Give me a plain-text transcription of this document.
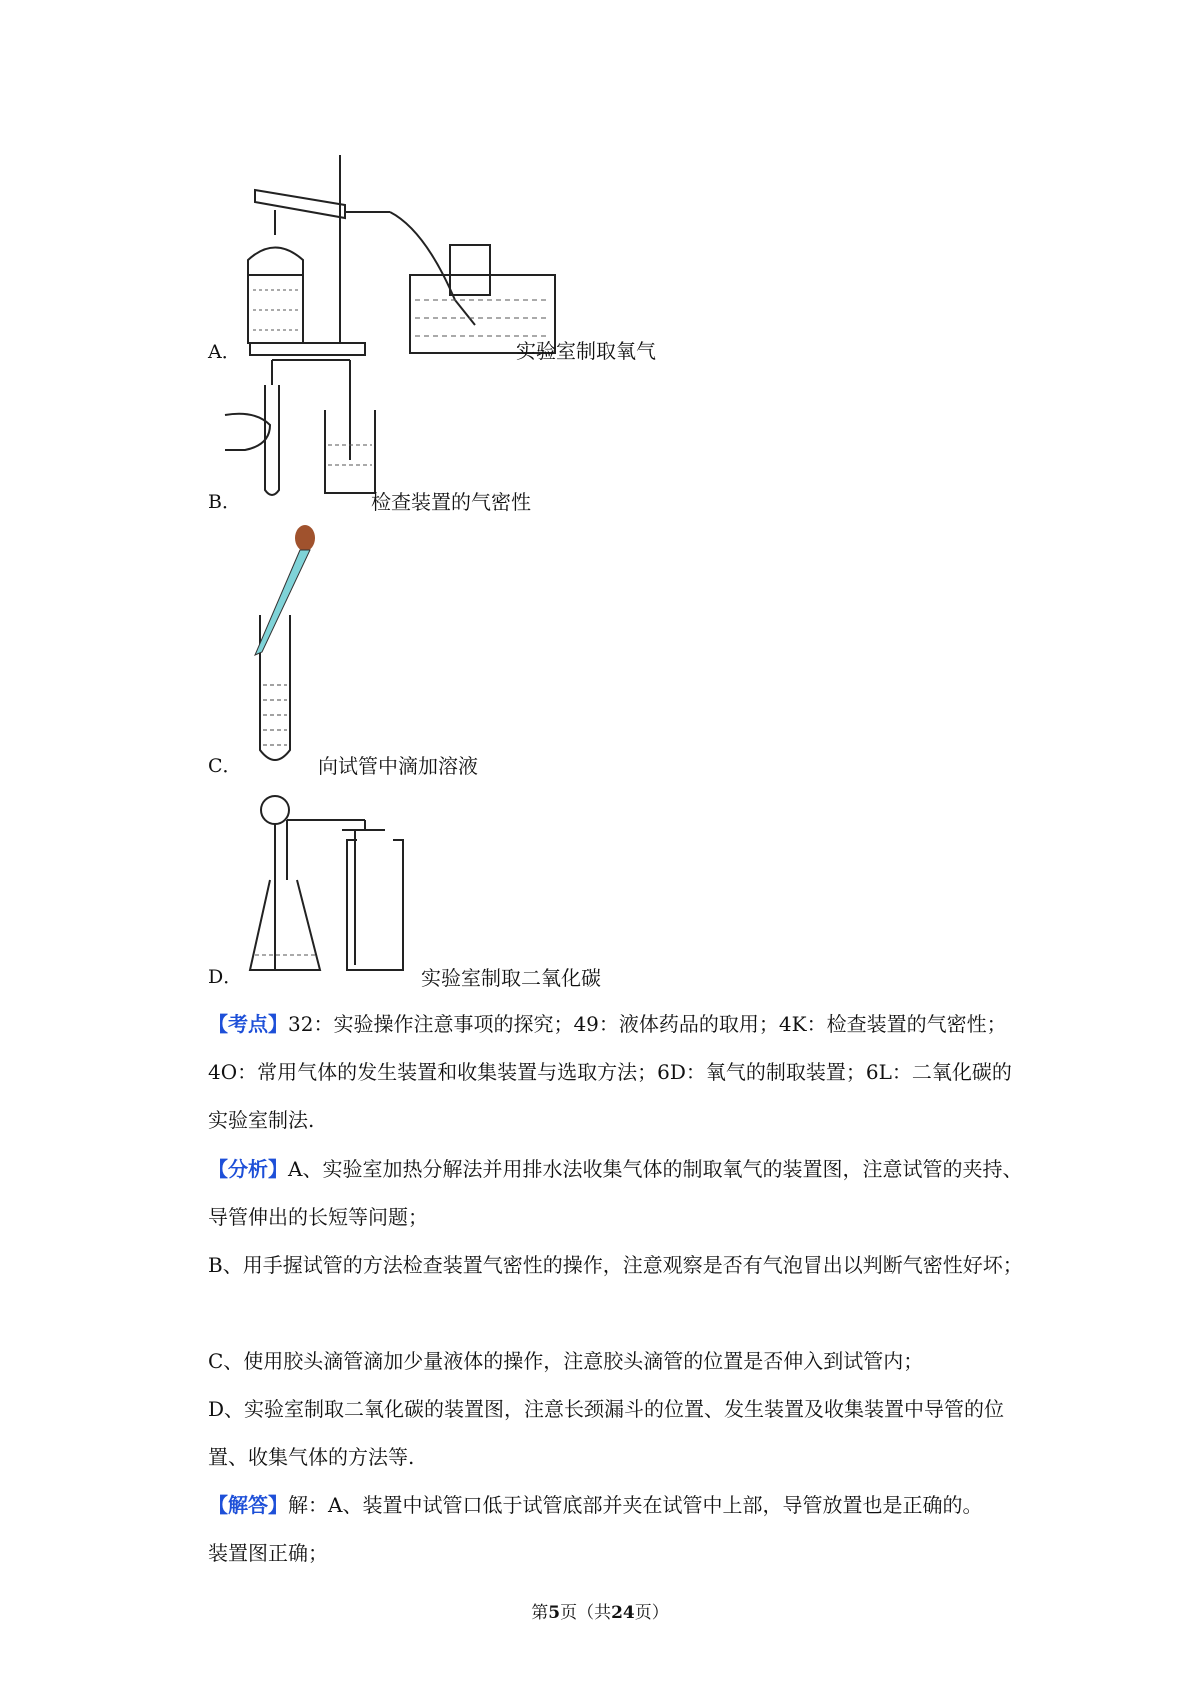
A．	实验室制取氧气
B．	检查装置的气密性
C．	向试管中滴加溶液
D．	实验室制取二氧化碳
【考点】32：实验操作注意事项的探究；49：液体药品的取用；4K：检查装置的气密性；4O：常用气体的发生装置和收集装置与选取方法；6D：氧气的制取装置；6L：二氧化碳的实验室制法.
【分析】A、实验室加热分解法并用排水法收集气体的制取氧气的装置图，注意试管的夹持、导管伸出的长短等问题；
B、用手握试管的方法检查装置气密性的操作，注意观察是否有气泡冒出以判断气密性好坏；
C、使用胶头滴管滴加少量液体的操作，注意胶头滴管的位置是否伸入到试管内；
D、实验室制取二氧化碳的装置图，注意长颈漏斗的位置、发生装置及收集装置中导管的位置、收集气体的方法等.
【解答】解：A、装置中试管口低于试管底部并夹在试管中上部，导管放置也是正确的。
装置图正确；
第5页（共24页）
